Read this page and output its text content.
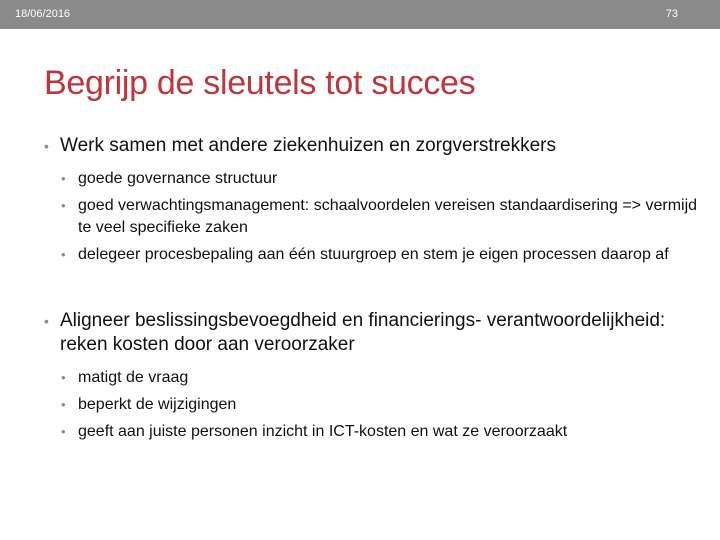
18/06/2016	73
Begrijp de sleutels tot succes
• Werk samen met andere ziekenhuizen en zorgverstrekkers
• goede governance structuur
• goed verwachtingsmanagement: schaalvoordelen vereisen standaardisering => vermijd te veel specifieke zaken
• delegeer procesbepaling aan één stuurgroep en stem je eigen processen daarop af
• Aligneer beslissingsbevoegdheid en financierings- verantwoordelijkheid: reken kosten door aan veroorzaker
• matigt de vraag
• beperkt de wijzigingen
• geeft aan juiste personen inzicht in ICT-kosten en wat ze veroorzaakt
